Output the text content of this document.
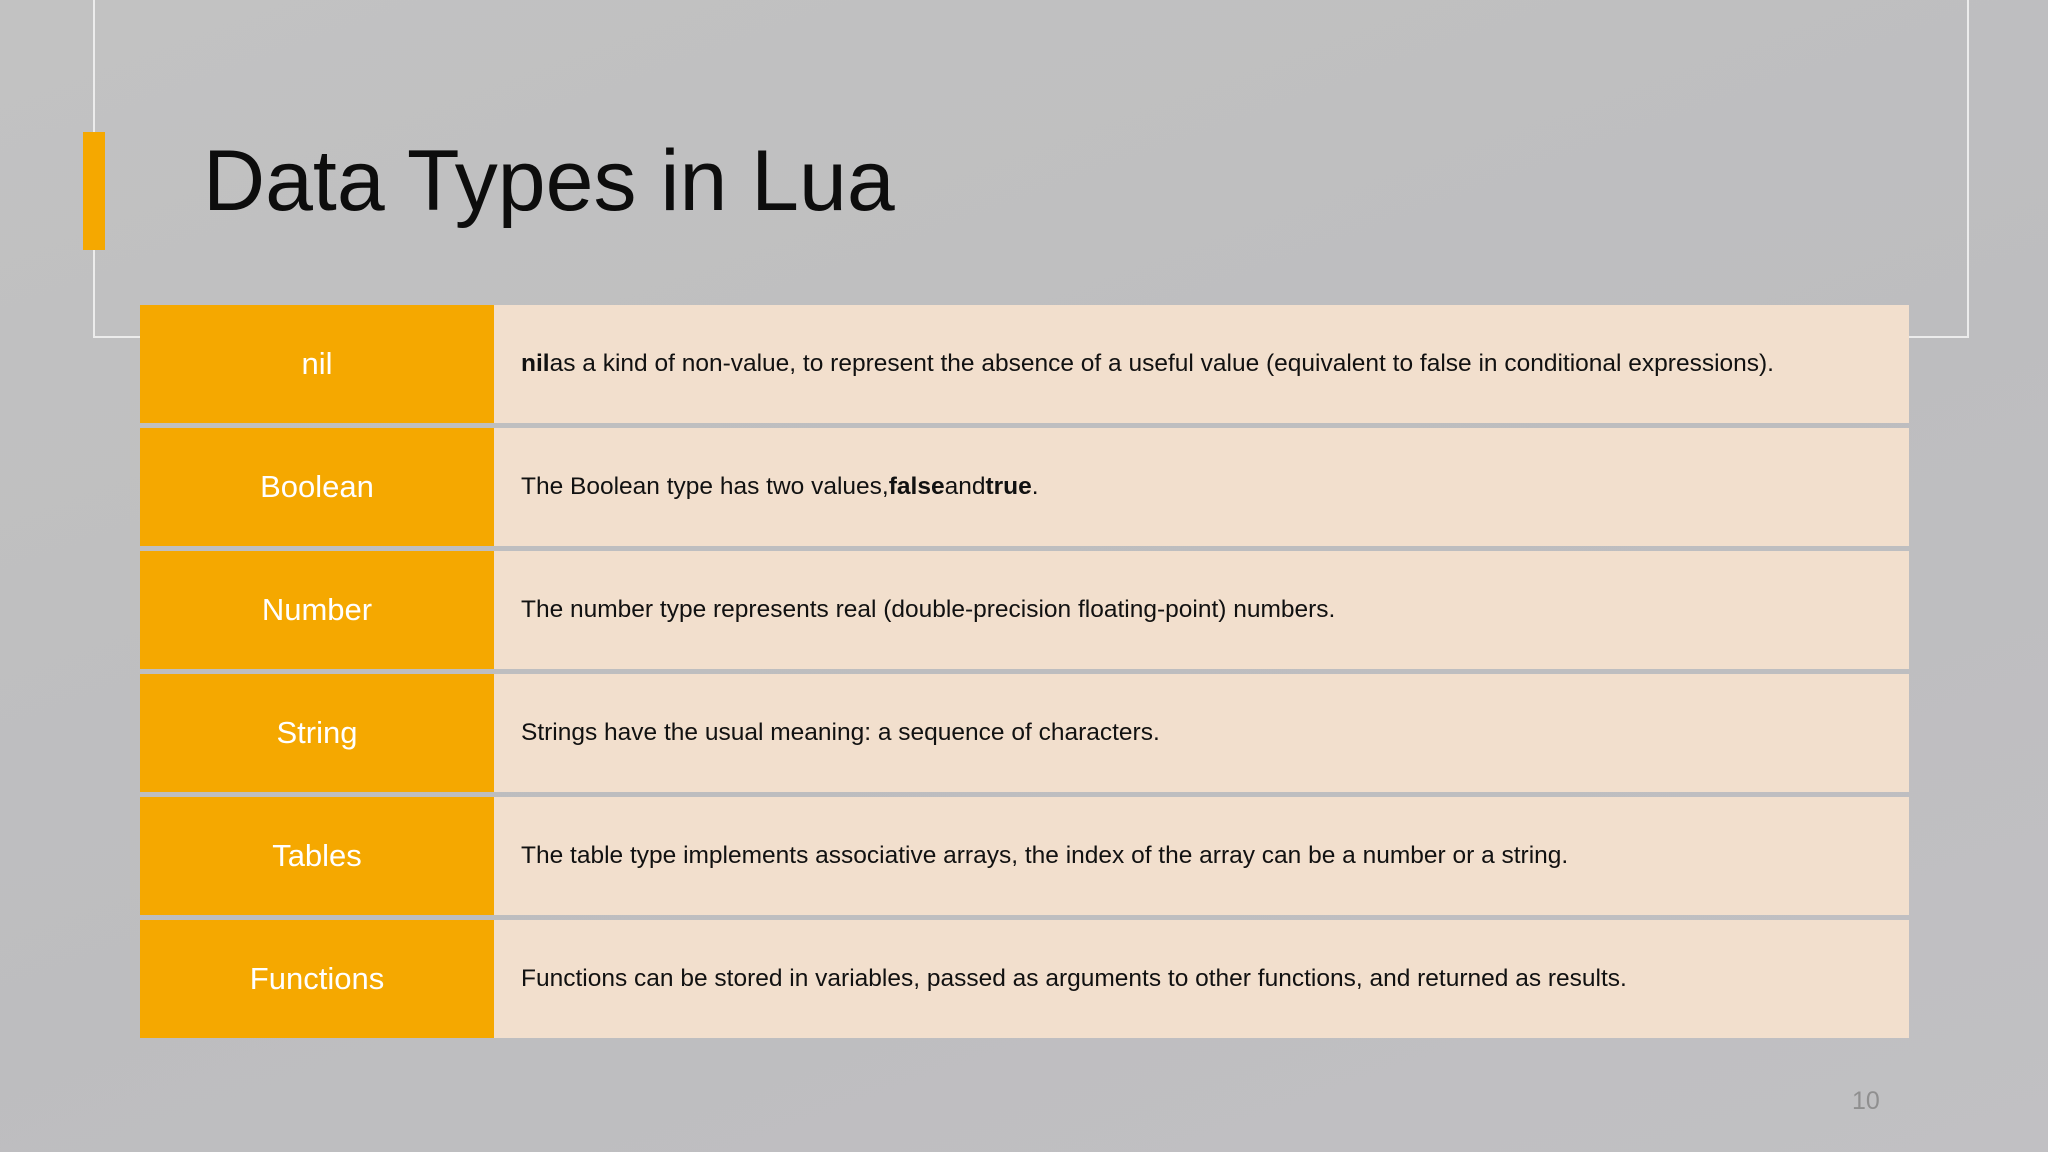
Data Types in Lua
nil	nil as a kind of non-value, to represent the absence of a useful value (equivalent to false in conditional expressions).
Boolean	The Boolean type has two values, false and true .
Number	The number type represents real (double-precision floating-point) numbers.
String	Strings have the usual meaning: a sequence of characters.
Tables	The table type implements associative arrays, the index of the array can be a number or a string.
Functions	Functions can be stored in variables, passed as arguments to other functions, and returned as results.
10
